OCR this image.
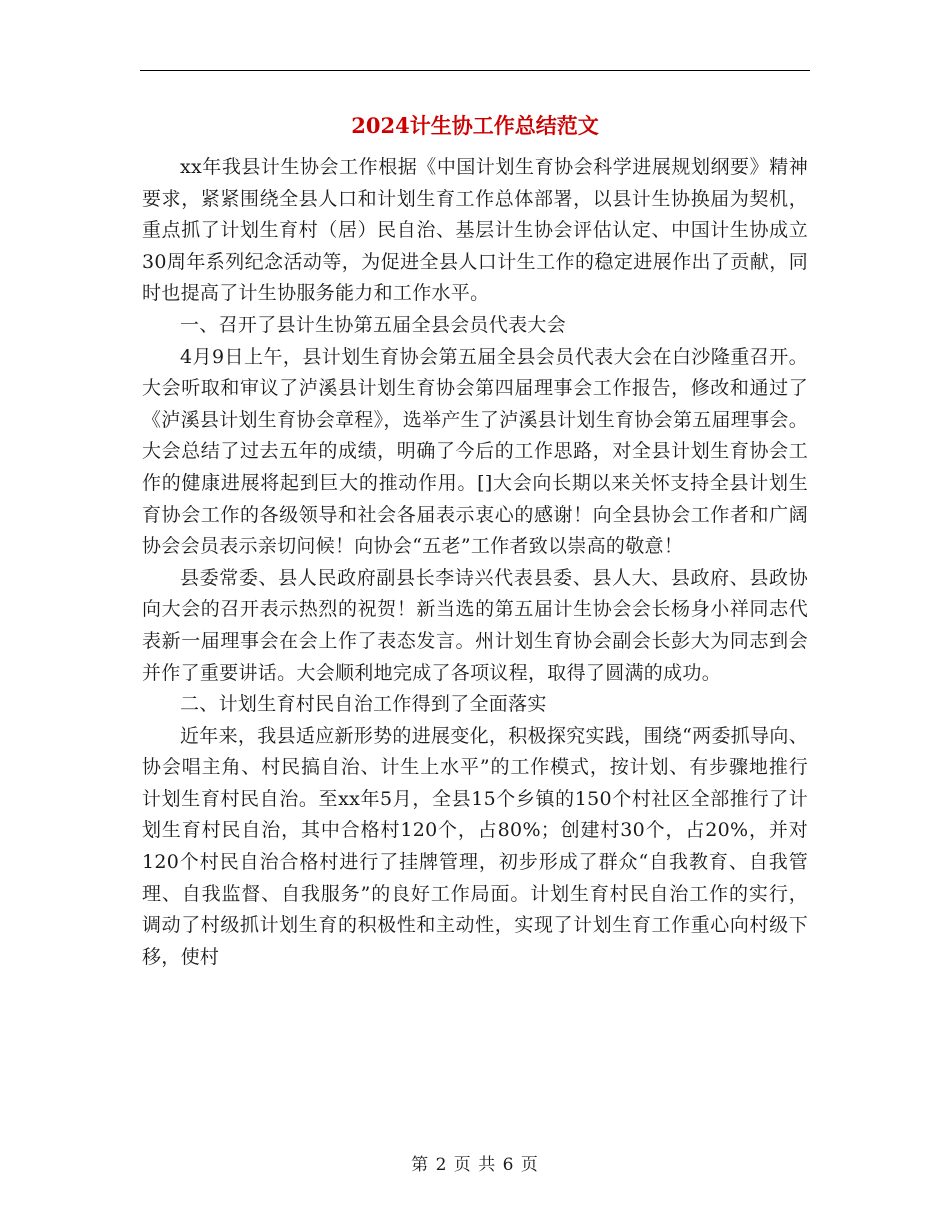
2024计生协工作总结范文

xx年我县计生协会工作根据《中国计划生育协会科学进展规划纲要》精神要求，紧紧围绕全县人口和计划生育工作总体部署，以县计生协换届为契机，重点抓了计划生育村（居）民自治、基层计生协会评估认定、中国计生协成立30周年系列纪念活动等，为促进全县人口计生工作的稳定进展作出了贡献，同时也提高了计生协服务能力和工作水平。

一、召开了县计生协第五届全县会员代表大会

4月9日上午，县计划生育协会第五届全县会员代表大会在白沙隆重召开。大会听取和审议了泸溪县计划生育协会第四届理事会工作报告，修改和通过了《泸溪县计划生育协会章程》，选举产生了泸溪县计划生育协会第五届理事会。大会总结了过去五年的成绩，明确了今后的工作思路，对全县计划生育协会工作的健康进展将起到巨大的推动作用。[]大会向长期以来关怀支持全县计划生育协会工作的各级领导和社会各届表示衷心的感谢！向全县协会工作者和广阔协会会员表示亲切问候！向协会“五老”工作者致以崇高的敬意！

县委常委、县人民政府副县长李诗兴代表县委、县人大、县政府、县政协向大会的召开表示热烈的祝贺！新当选的第五届计生协会会长杨身小祥同志代表新一届理事会在会上作了表态发言。州计划生育协会副会长彭大为同志到会并作了重要讲话。大会顺利地完成了各项议程，取得了圆满的成功。

二、计划生育村民自治工作得到了全面落实

近年来，我县适应新形势的进展变化，积极探究实践，围绕“两委抓导向、协会唱主角、村民搞自治、计生上水平”的工作模式，按计划、有步骤地推行计划生育村民自治。至xx年5月，全县15个乡镇的150个村社区全部推行了计划生育村民自治，其中合格村120个，占80%；创建村30个，占20%，并对120个村民自治合格村进行了挂牌管理，初步形成了群众“自我教育、自我管理、自我监督、自我服务”的良好工作局面。计划生育村民自治工作的实行，调动了村级抓计划生育的积极性和主动性，实现了计划生育工作重心向村级下移，使村

第 2 页 共 6 页
